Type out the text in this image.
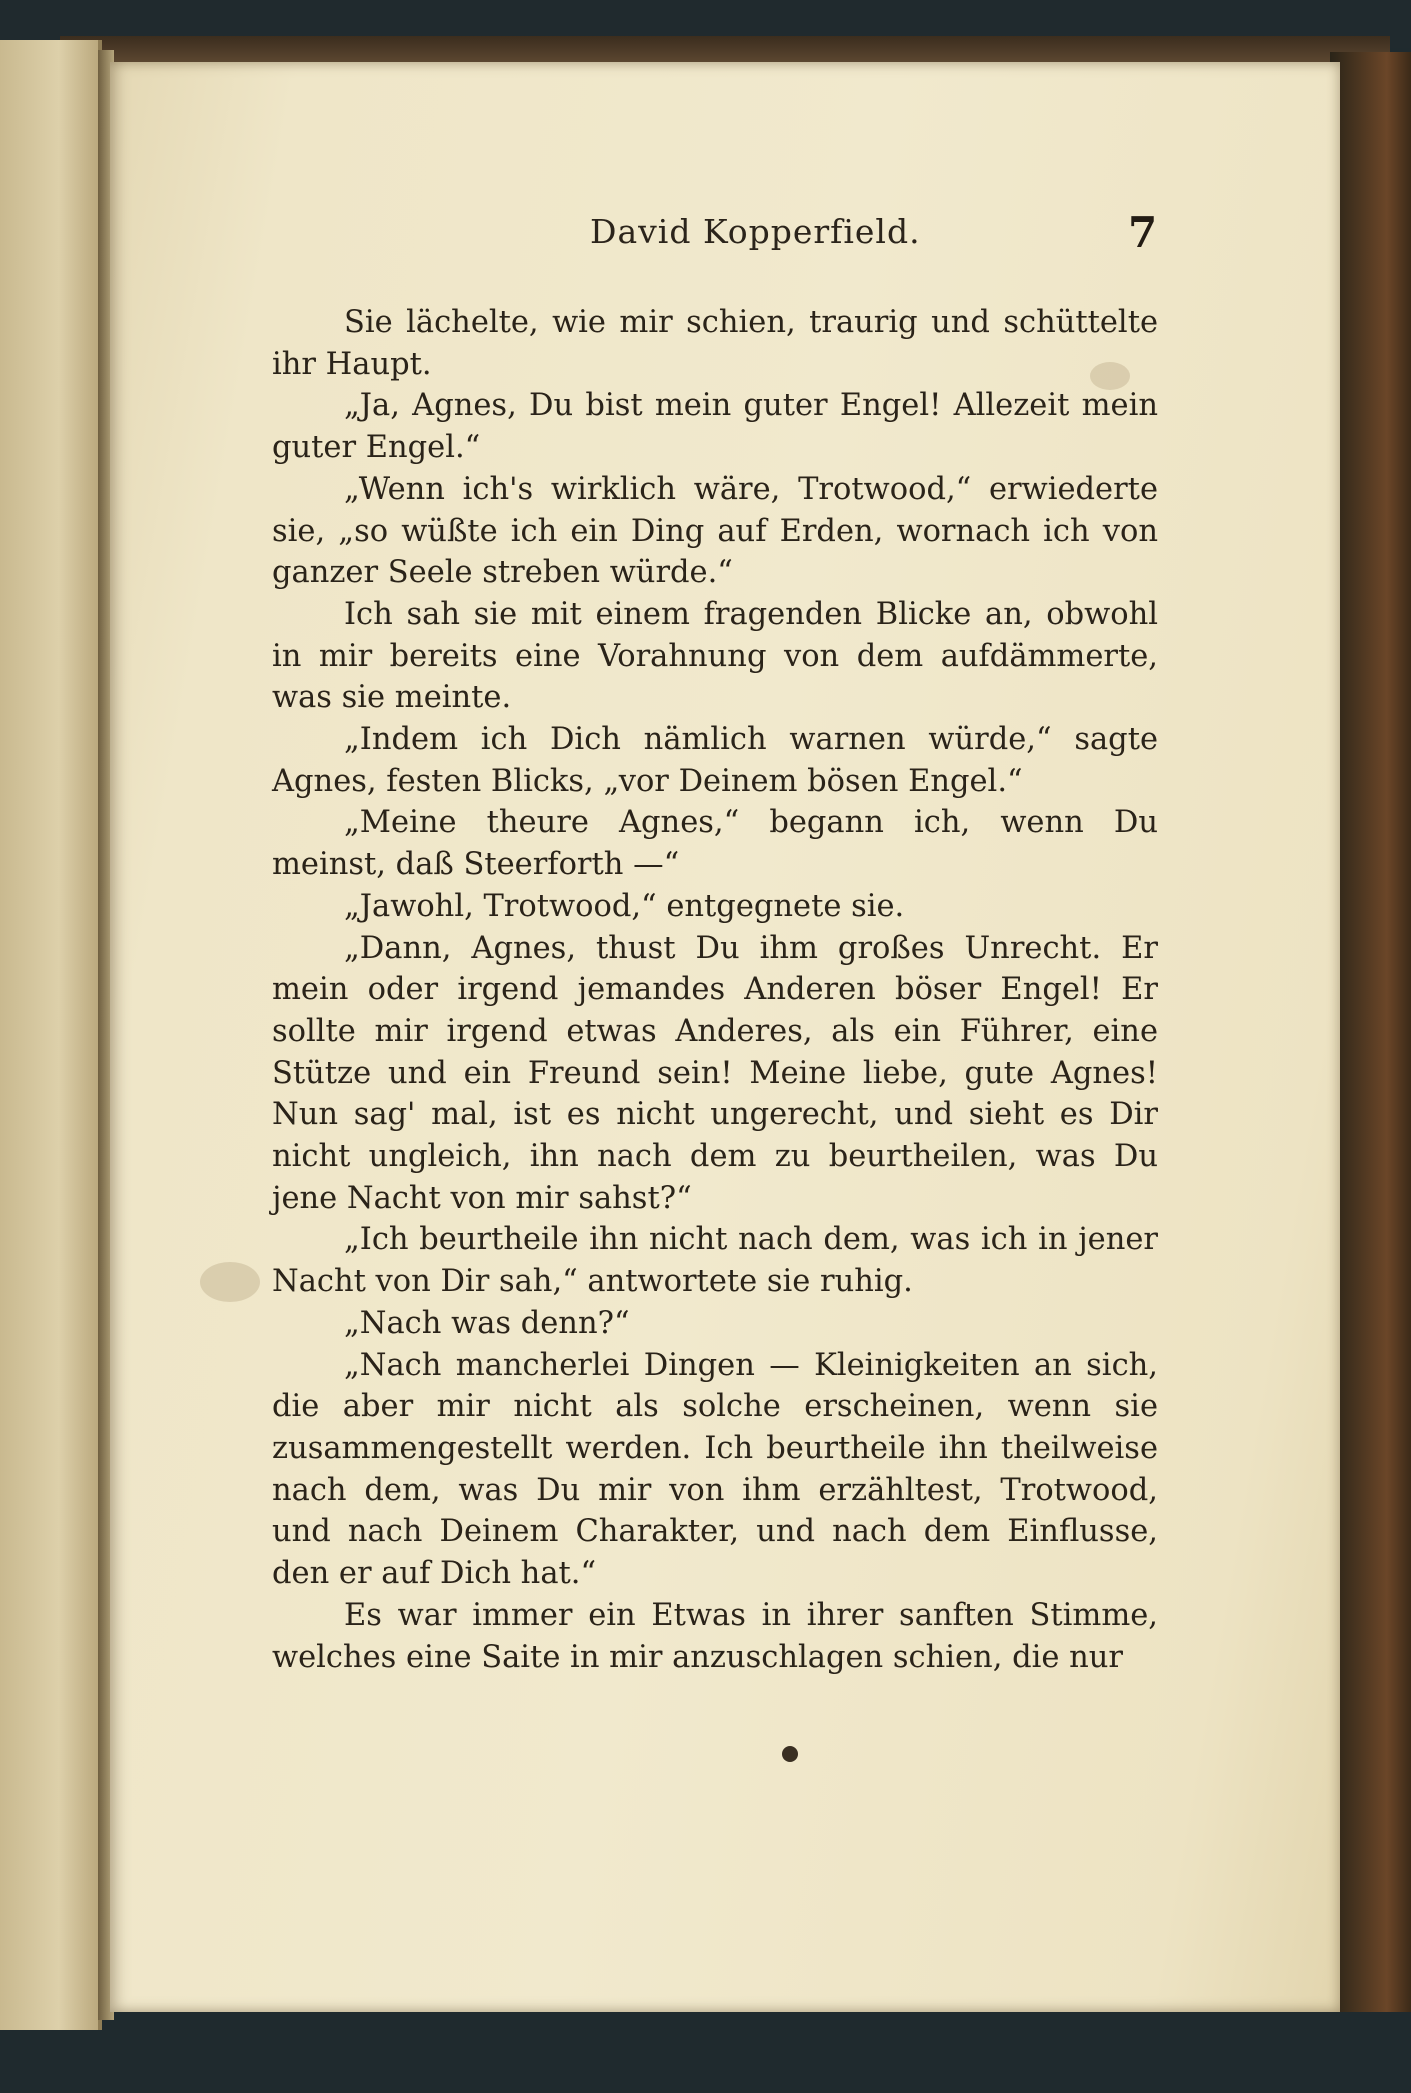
David Kopperfield.	7

Sie lächelte, wie mir schien, traurig und schüttelte ihr Haupt.

„Ja, Agnes, Du bist mein guter Engel! Allezeit mein guter Engel.“

„Wenn ich's wirklich wäre, Trotwood,“ erwiederte sie, „so wüßte ich ein Ding auf Erden, wornach ich von ganzer Seele streben würde.“

Ich sah sie mit einem fragenden Blicke an, obwohl in mir bereits eine Vorahnung von dem aufdämmerte, was sie meinte.

„Indem ich Dich nämlich warnen würde,“ sagte Agnes, festen Blicks, „vor Deinem bösen Engel.“

„Meine theure Agnes,“ begann ich, wenn Du meinst, daß Steerforth —“

„Jawohl, Trotwood,“ entgegnete sie.

„Dann, Agnes, thust Du ihm großes Unrecht. Er mein oder irgend jemandes Anderen böser Engel! Er sollte mir irgend etwas Anderes, als ein Führer, eine Stütze und ein Freund sein! Meine liebe, gute Agnes! Nun sag' mal, ist es nicht ungerecht, und sieht es Dir nicht ungleich, ihn nach dem zu beurtheilen, was Du jene Nacht von mir sahst?“

„Ich beurtheile ihn nicht nach dem, was ich in jener Nacht von Dir sah,“ antwortete sie ruhig.

„Nach was denn?“

„Nach mancherlei Dingen — Kleinigkeiten an sich, die aber mir nicht als solche erscheinen, wenn sie zusammengestellt werden. Ich beurtheile ihn theilweise nach dem, was Du mir von ihm erzähltest, Trotwood, und nach Deinem Charakter, und nach dem Einflusse, den er auf Dich hat.“

Es war immer ein Etwas in ihrer sanften Stimme, welches eine Saite in mir anzuschlagen schien, die nur
